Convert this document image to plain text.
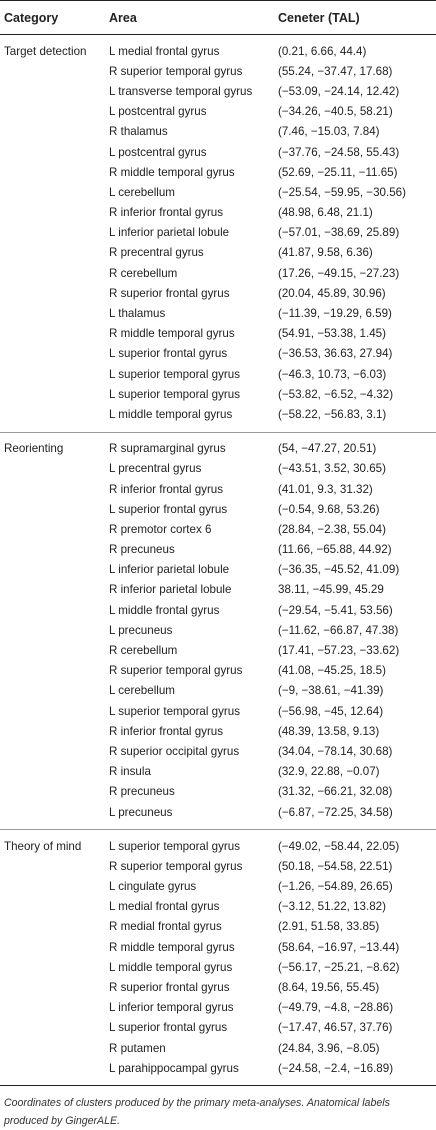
Category	Area	Ceneter (TAL)

Target detection	L medial frontal gyrus	(0.21, 6.66, 44.4)
	R superior temporal gyrus	(55.24, −37.47, 17.68)
	L transverse temporal gyrus	(−53.09, −24.14, 12.42)
	L postcentral gyrus	(−34.26, −40.5, 58.21)
	R thalamus	(7.46, −15.03, 7.84)
	L postcentral gyrus	(−37.76, −24.58, 55.43)
	R middle temporal gyrus	(52.69, −25.11, −11.65)
	L cerebellum	(−25.54, −59.95, −30.56)
	R inferior frontal gyrus	(48.98, 6.48, 21.1)
	L inferior parietal lobule	(−57.01, −38.69, 25.89)
	R precentral gyrus	(41.87, 9.58, 6.36)
	R cerebellum	(17.26, −49.15, −27.23)
	R superior frontal gyrus	(20.04, 45.89, 30.96)
	L thalamus	(−11.39, −19.29, 6.59)
	R middle temporal gyrus	(54.91, −53.38, 1.45)
	L superior frontal gyrus	(−36.53, 36.63, 27.94)
	L superior temporal gyrus	(−46.3, 10.73, −6.03)
	L superior temporal gyrus	(−53.82, −6.52, −4.32)
	L middle temporal gyrus	(−58.22, −56.83, 3.1)

Reorienting	R supramarginal gyrus	(54, −47.27, 20.51)
	L precentral gyrus	(−43.51, 3.52, 30.65)
	R inferior frontal gyrus	(41.01, 9.3, 31.32)
	L superior frontal gyrus	(−0.54, 9.68, 53.26)
	R premotor cortex 6	(28.84, −2.38, 55.04)
	R precuneus	(11.66, −65.88, 44.92)
	L inferior parietal lobule	(−36.35, −45.52, 41.09)
	R inferior parietal lobule	38.11, −45.99, 45.29
	L middle frontal gyrus	(−29.54, −5.41, 53.56)
	L precuneus	(−11.62, −66.87, 47.38)
	R cerebellum	(17.41, −57.23, −33.62)
	R superior temporal gyrus	(41.08, −45.25, 18.5)
	L cerebellum	(−9, −38.61, −41.39)
	L superior temporal gyrus	(−56.98, −45, 12.64)
	R inferior frontal gyrus	(48.39, 13.58, 9.13)
	R superior occipital gyrus	(34.04, −78.14, 30.68)
	R insula	(32.9, 22.88, −0.07)
	R precuneus	(31.32, −66.21, 32.08)
	L precuneus	(−6.87, −72.25, 34.58)

Theory of mind	L superior temporal gyrus	(−49.02, −58.44, 22.05)
	R superior temporal gyrus	(50.18, −54.58, 22.51)
	L cingulate gyrus	(−1.26, −54.89, 26.65)
	L medial frontal gyrus	(−3.12, 51.22, 13.82)
	R medial frontal gyrus	(2.91, 51.58, 33.85)
	R middle temporal gyrus	(58.64, −16.97, −13.44)
	L middle temporal gyrus	(−56.17, −25.21, −8.62)
	R superior frontal gyrus	(8.64, 19.56, 55.45)
	L inferior temporal gyrus	(−49.79, −4.8, −28.86)
	L superior frontal gyrus	(−17.47, 46.57, 37.76)
	R putamen	(24.84, 3.96, −8.05)
	L parahippocampal gyrus	(−24.58, −2.4, −16.89)

Coordinates of clusters produced by the primary meta-analyses. Anatomical labels produced by GingerALE.
